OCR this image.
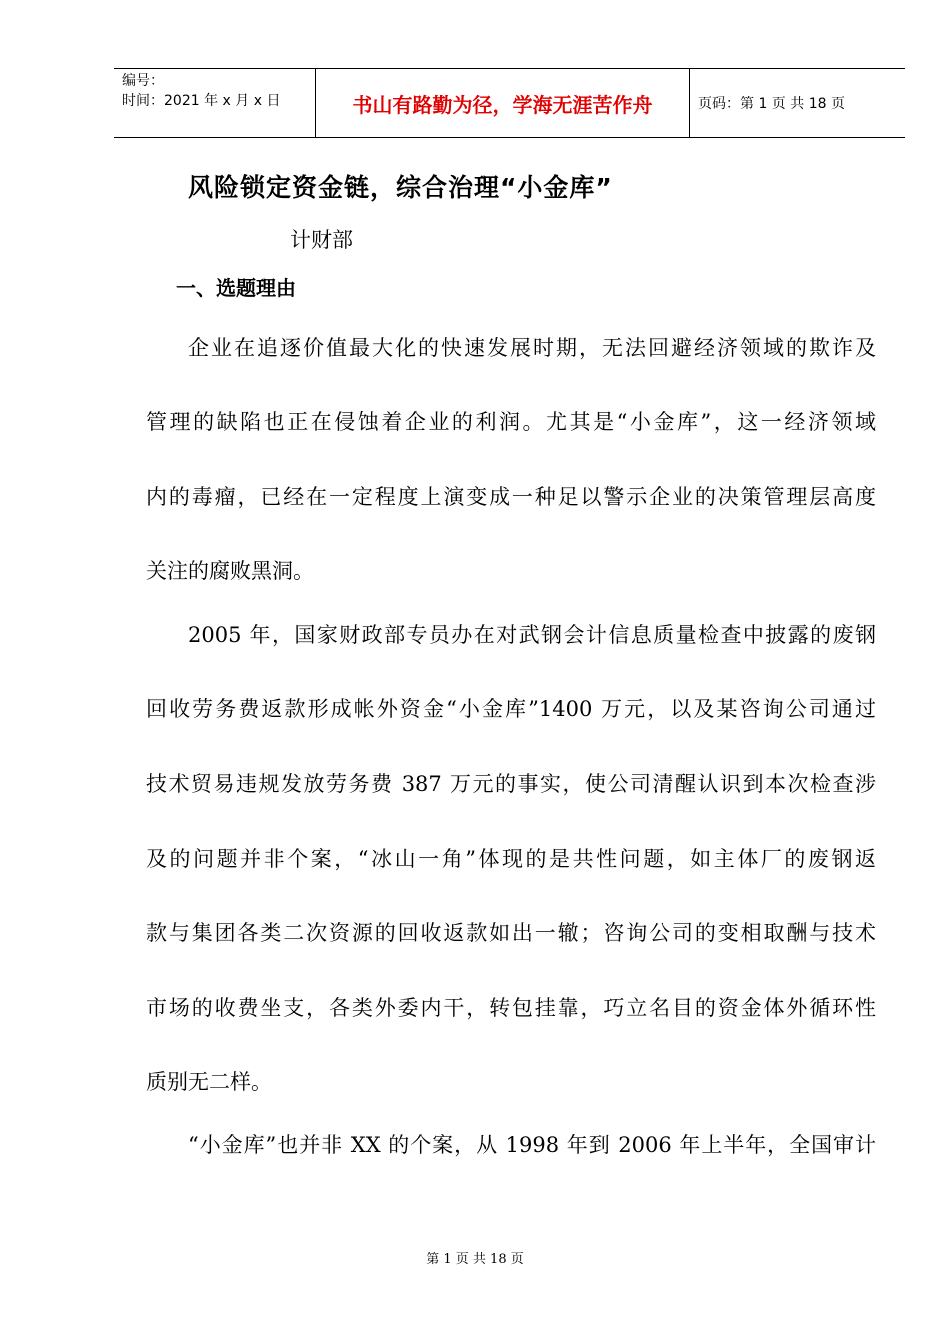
编号：
时间：2021 年 x 月 x 日	书山有路勤为径，学海无涯苦作舟	页码：第 1 页 共 18 页
风险锁定资金链，综合治理“小金库”
计财部
一、选题理由
企业在追逐价值最大化的快速发展时期，无法回避经济领域的欺诈及
管理的缺陷也正在侵蚀着企业的利润。尤其是“小金库”，这一经济领域
内的毒瘤，已经在一定程度上演变成一种足以警示企业的决策管理层高度
关注的腐败黑洞。
2005 年，国家财政部专员办在对武钢会计信息质量检查中披露的废钢
回收劳务费返款形成帐外资金“小金库”1400 万元，以及某咨询公司通过
技术贸易违规发放劳务费 387 万元的事实，使公司清醒认识到本次检查涉
及的问题并非个案，“冰山一角”体现的是共性问题，如主体厂的废钢返
款与集团各类二次资源的回收返款如出一辙；咨询公司的变相取酬与技术
市场的收费坐支，各类外委内干，转包挂靠，巧立名目的资金体外循环性
质别无二样。
“小金库”也并非 XX 的个案，从 1998 年到 2006 年上半年，全国审计
第 1 页 共 18 页
